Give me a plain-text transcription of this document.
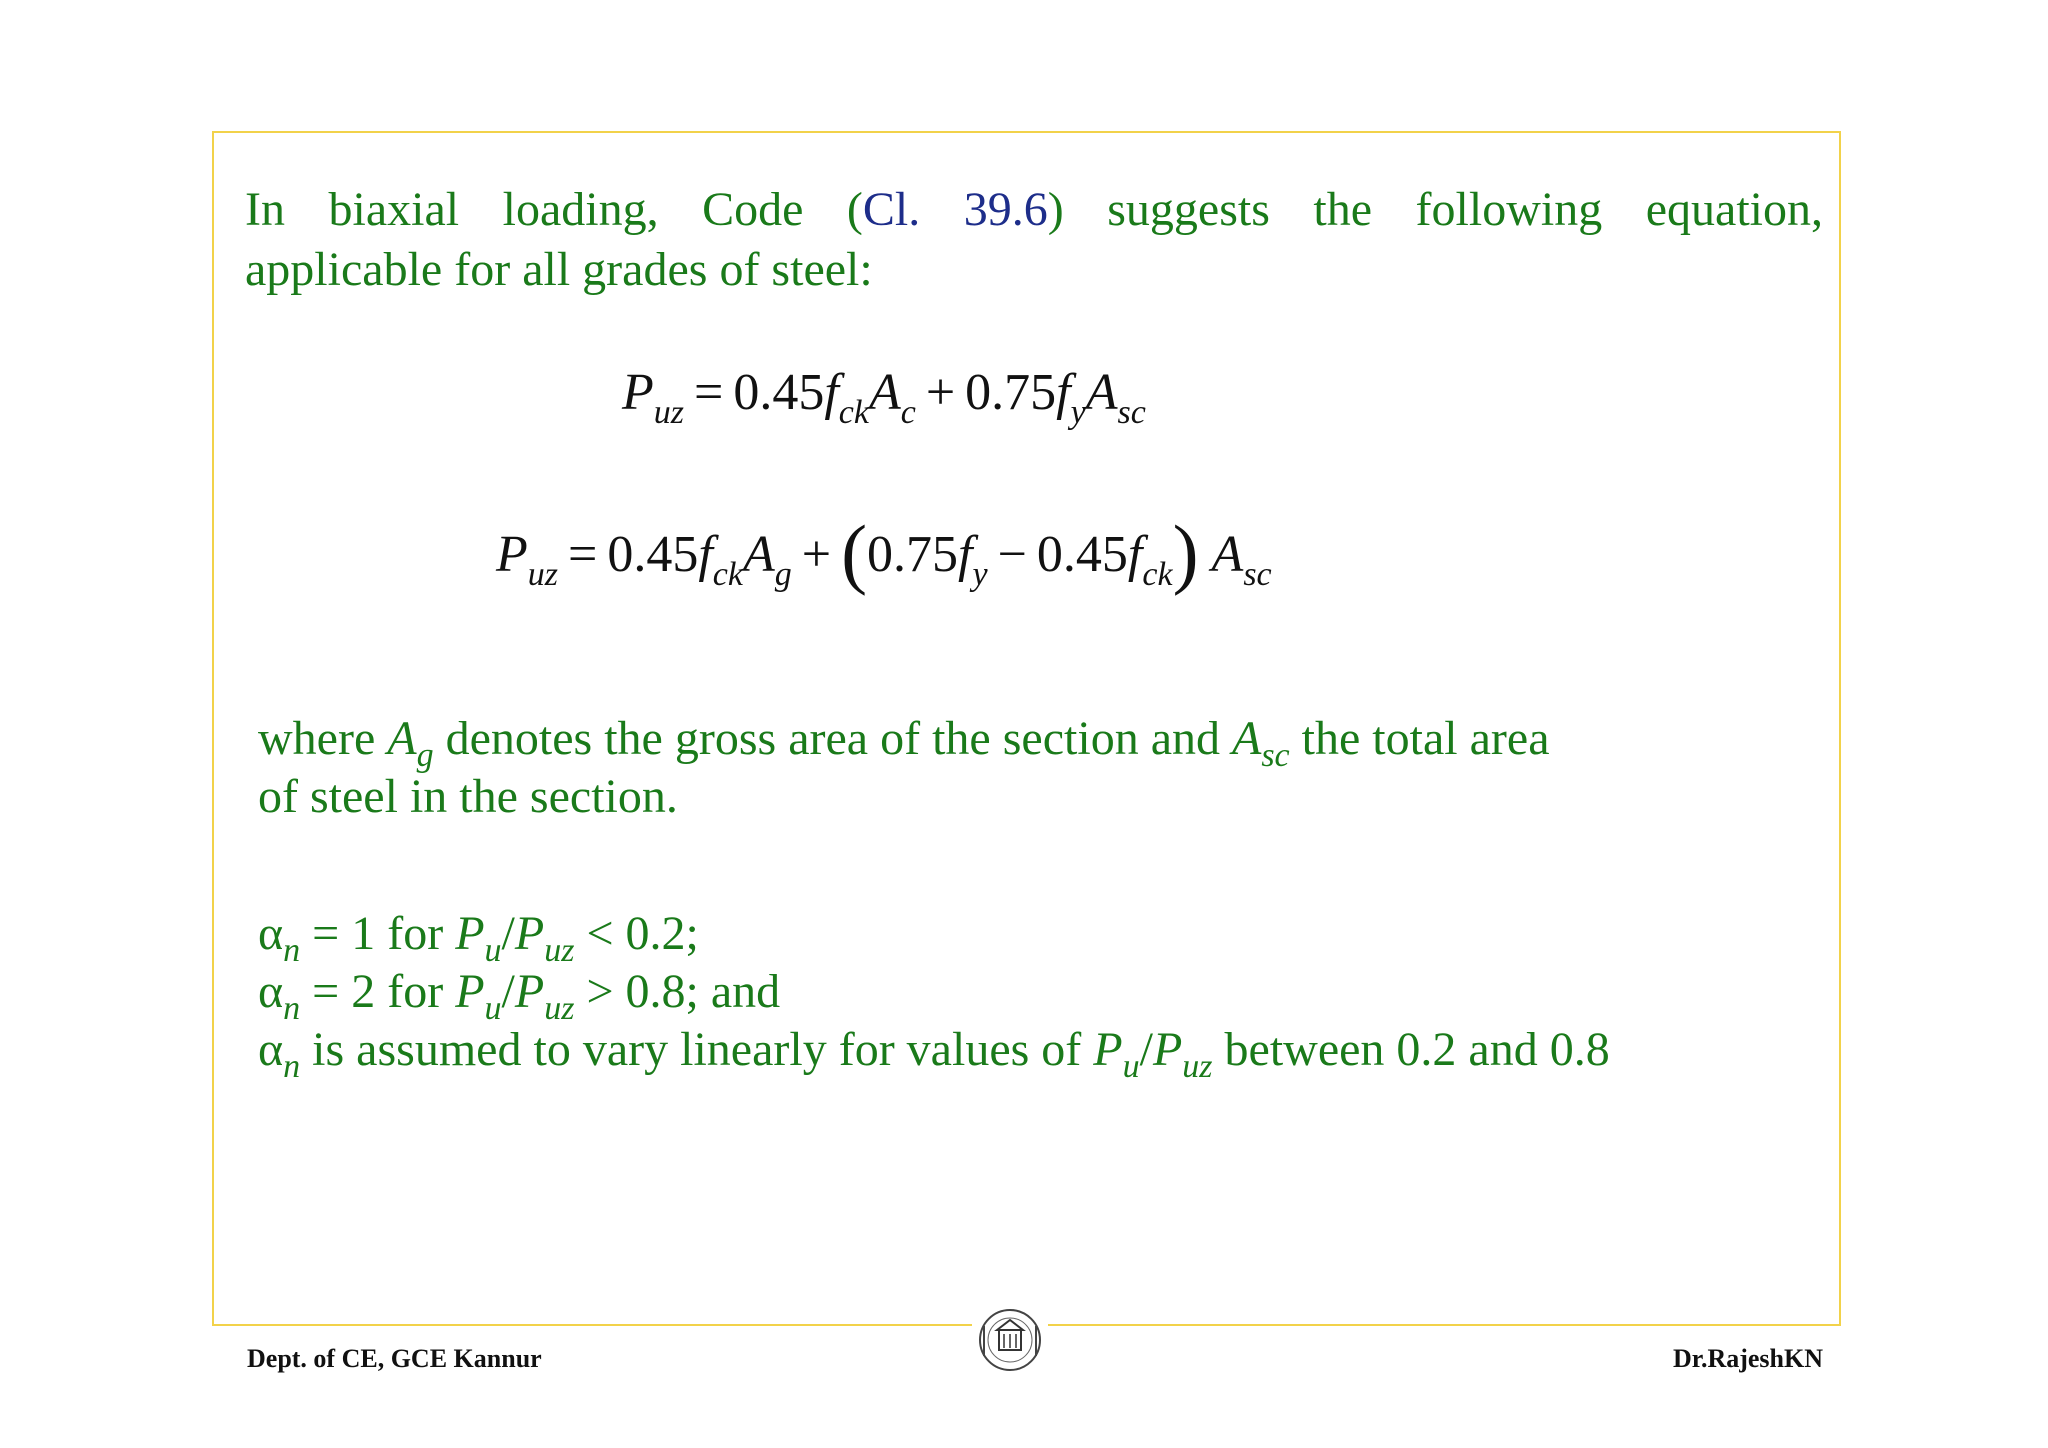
In biaxial loading, Code (Cl. 39.6) suggests the following equation,
applicable for all grades of steel:

$P_{uz} = 0.45f_{ck}A_c + 0.75f_yA_{sc}$
$P_{uz} = 0.45f_{ck}A_g + (0.75f_y - 0.45f_{ck})$ $A_{sc}$

where $A_g$ denotes the gross area of the section and $A_{sc}$ the total area
of steel in the section.

$\alpha_n = 1$ for $P_u/P_{uz} < 0.2$;
$\alpha_n = 2$ for $P_u/P_{uz} > 0.8$; and
$\alpha_n$ is assumed to vary linearly for values of $P_u/P_{uz}$ between 0.2 and 0.8

Dept. of CE, GCE Kannur	Dr.RajeshKN
